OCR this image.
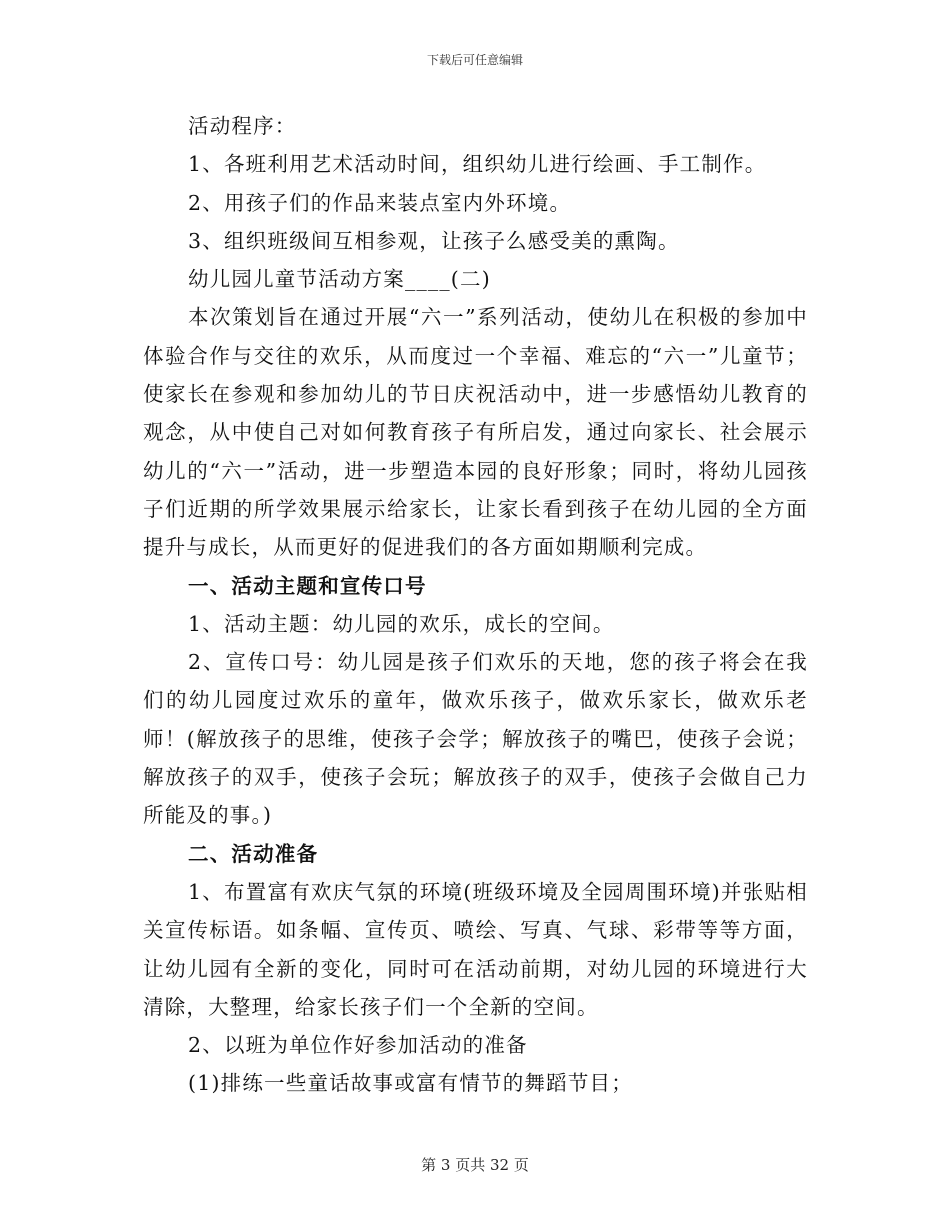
下载后可任意编辑

活动程序：

1、各班利用艺术活动时间，组织幼儿进行绘画、手工制作。

2、用孩子们的作品来装点室内外环境。

3、组织班级间互相参观，让孩子么感受美的熏陶。

幼儿园儿童节活动方案____(二)

本次策划旨在通过开展“六一”系列活动，使幼儿在积极的参加中体验合作与交往的欢乐，从而度过一个幸福、难忘的“六一”儿童节；使家长在参观和参加幼儿的节日庆祝活动中，进一步感悟幼儿教育的观念，从中使自己对如何教育孩子有所启发，通过向家长、社会展示幼儿的“六一”活动，进一步塑造本园的良好形象；同时，将幼儿园孩子们近期的所学效果展示给家长，让家长看到孩子在幼儿园的全方面提升与成长，从而更好的促进我们的各方面如期顺利完成。

一、活动主题和宣传口号

1、活动主题：幼儿园的欢乐，成长的空间。

2、宣传口号：幼儿园是孩子们欢乐的天地，您的孩子将会在我们的幼儿园度过欢乐的童年，做欢乐孩子，做欢乐家长，做欢乐老师！(解放孩子的思维，使孩子会学；解放孩子的嘴巴，使孩子会说；解放孩子的双手，使孩子会玩；解放孩子的双手，使孩子会做自己力所能及的事。)

二、活动准备

1、布置富有欢庆气氛的环境(班级环境及全园周围环境)并张贴相关宣传标语。如条幅、宣传页、喷绘、写真、气球、彩带等等方面，让幼儿园有全新的变化，同时可在活动前期，对幼儿园的环境进行大清除，大整理，给家长孩子们一个全新的空间。

2、以班为单位作好参加活动的准备

(1)排练一些童话故事或富有情节的舞蹈节目；

第 3 页共 32 页
